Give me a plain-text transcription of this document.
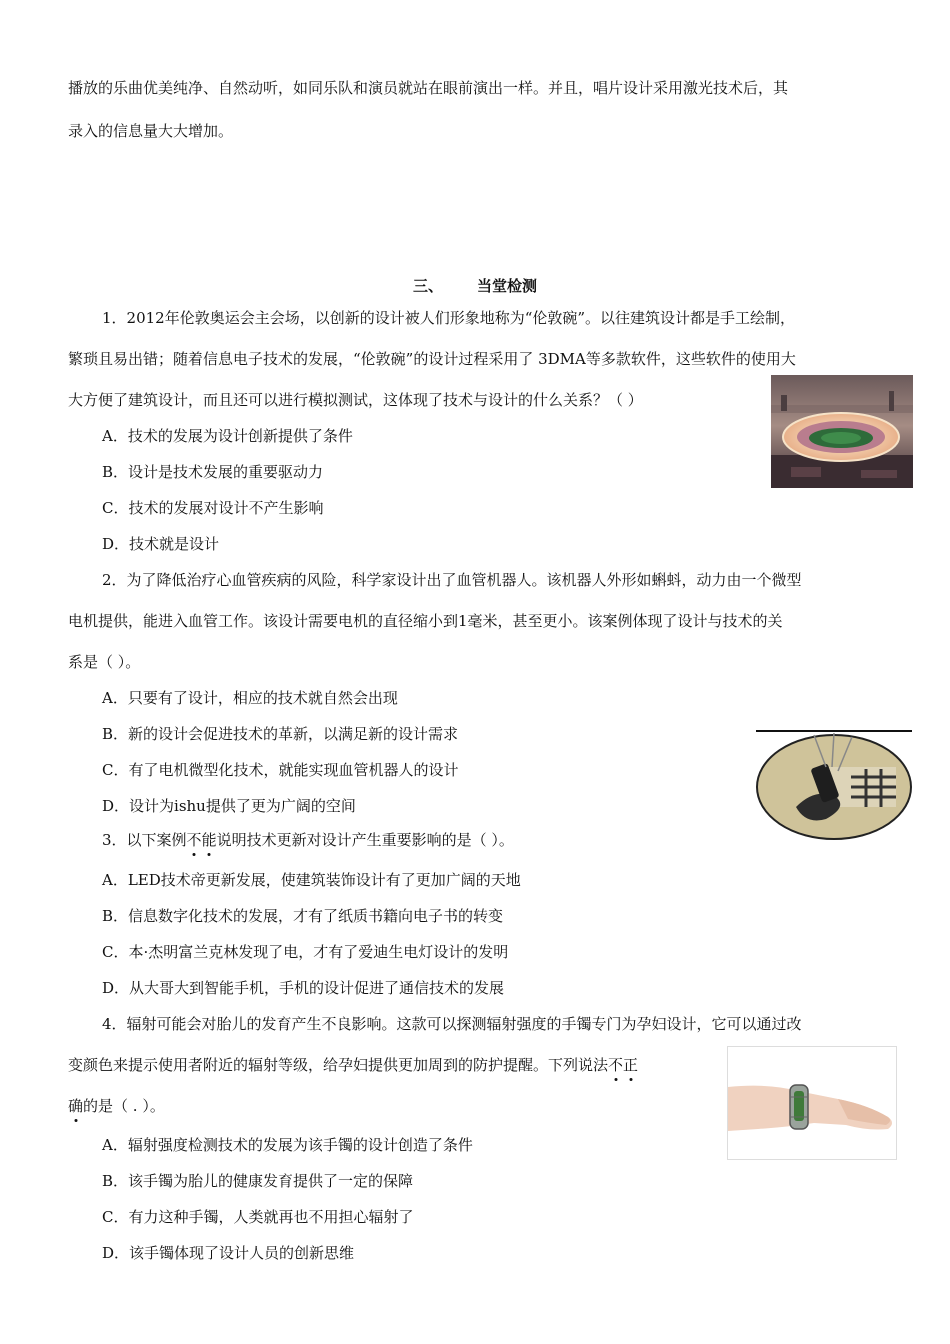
播放的乐曲优美纯净、自然动听，如同乐队和演员就站在眼前演出一样。并且，唱片设计采用激光技术后，其
录入的信息量大大增加。
三、 当堂检测
1．2012年伦敦奥运会主会场，以创新的设计被人们形象地称为“伦敦碗”。以往建筑设计都是手工绘制，
繁琐且易出错；随着信息电子技术的发展，“伦敦碗”的设计过程采用了 3DMA等多款软件，这些软件的使用大
大方便了建筑设计，而且还可以进行模拟测试，这体现了技术与设计的什么关系？（ ）
A．技术的发展为设计创新提供了条件
B．设计是技术发展的重要驱动力
C．技术的发展对设计不产生影响
D．技术就是设计
2．为了降低治疗心血管疾病的风险，科学家设计出了血管机器人。该机器人外形如蝌蚪，动力由一个微型
电机提供，能进入血管工作。该设计需要电机的直径缩小到1毫米，甚至更小。该案例体现了设计与技术的关
系是（ ）。
A．只要有了设计，相应的技术就自然会出现
B．新的设计会促进技术的革新，以满足新的设计需求
C．有了电机微型化技术，就能实现血管机器人的设计
D．设计为ishu提供了更为广阔的空间
3．以下案例不能说明技术更新对设计产生重要影响的是（ ）。
A．LED技术帝更新发展，使建筑装饰设计有了更加广阔的天地
B．信息数字化技术的发展，才有了纸质书籍向电子书的转变
C．本·杰明富兰克林发现了电，才有了爱迪生电灯设计的发明
D．从大哥大到智能手机，手机的设计促进了通信技术的发展
4．辐射可能会对胎儿的发育产生不良影响。这款可以探测辐射强度的手镯专门为孕妇设计，它可以通过改
变颜色来提示使用者附近的辐射等级，给孕妇提供更加周到的防护提醒。下列说法不正
确的是（ . ）。
A．辐射强度检测技术的发展为该手镯的设计创造了条件
B．该手镯为胎儿的健康发育提供了一定的保障
C．有力这种手镯，人类就再也不用担心辐射了
D．该手镯体现了设计人员的创新思维
